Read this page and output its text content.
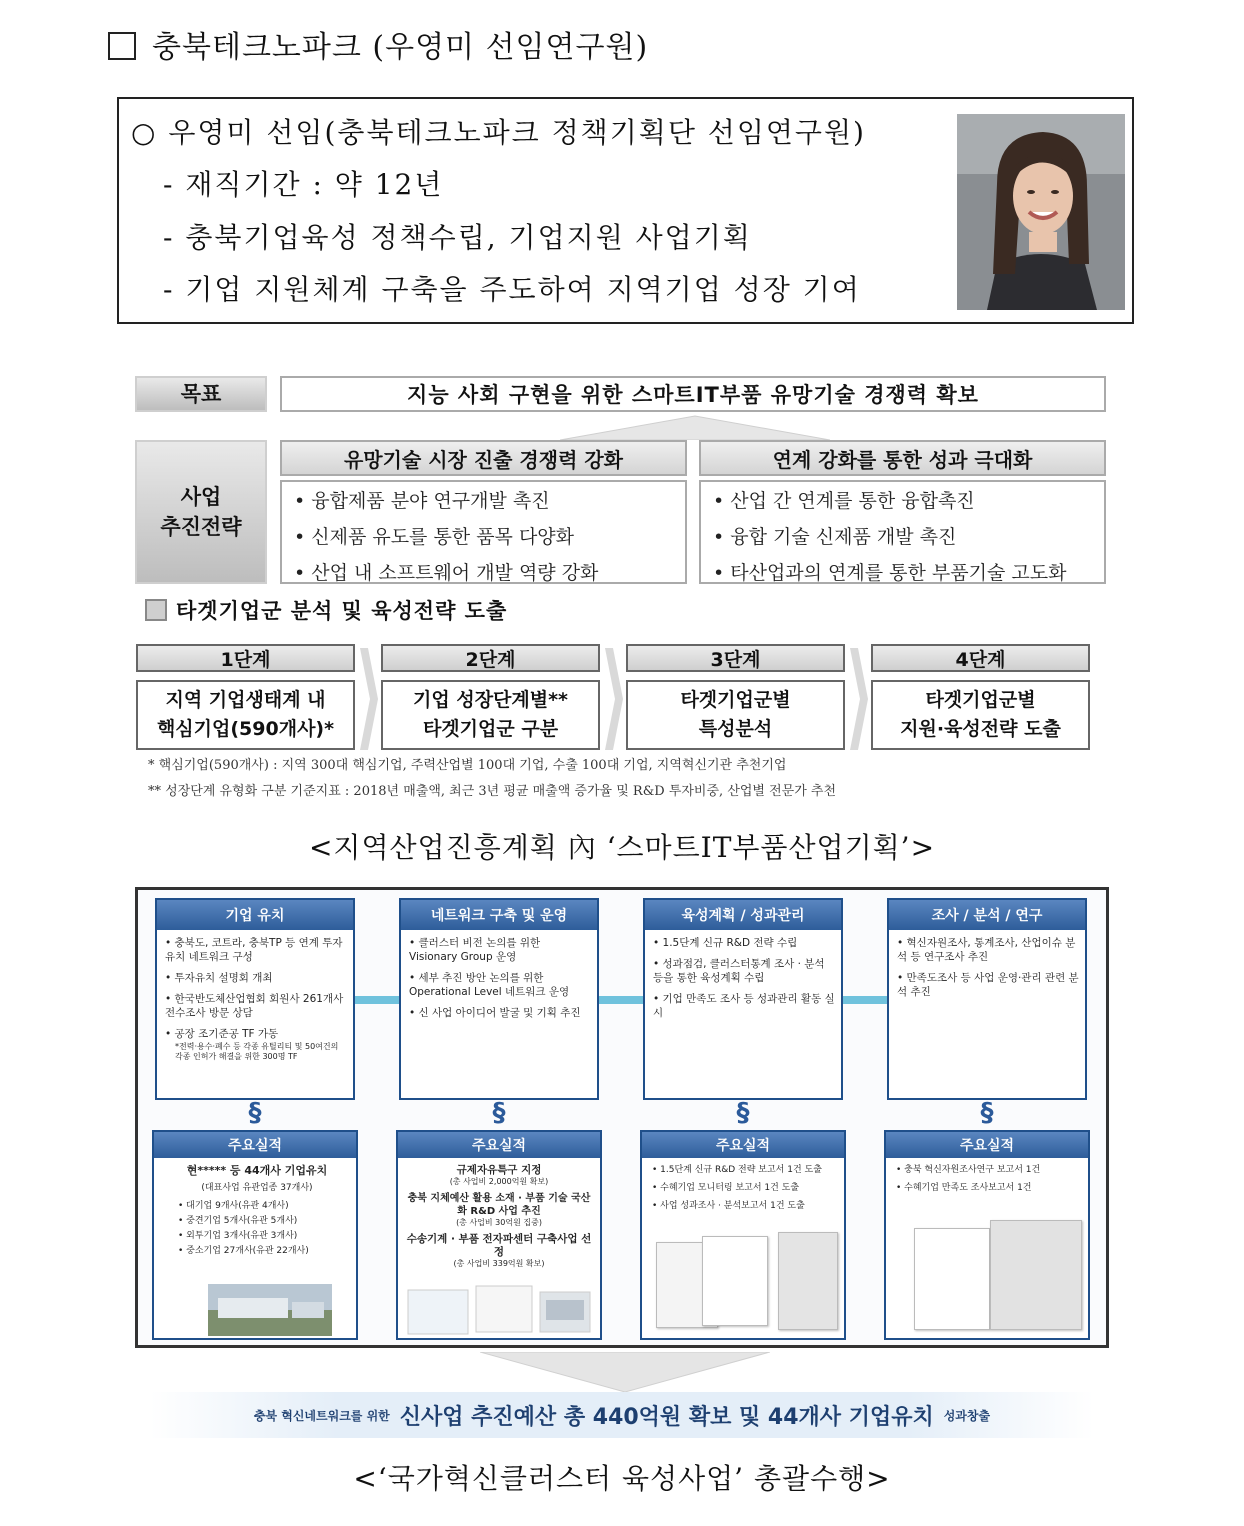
충북테크노파크 (우영미 선임연구원)
○ 우영미 선임(충북테크노파크 정책기획단 선임연구원)
- 재직기간 : 약 12년
- 충북기업육성 정책수립, 기업지원 사업기획
- 기업 지원체계 구축을 주도하여 지역기업 성장 기여
목표	지능 사회 구현을 위한 스마트IT부품 유망기술 경쟁력 확보
사업
추진전략
유망기술 시장 진출 경쟁력 강화
• 융합제품 분야 연구개발 촉진
• 신제품 유도를 통한 품목 다양화
• 산업 내 소프트웨어 개발 역량 강화
연계 강화를 통한 성과 극대화
• 산업 간 연계를 통한 융합촉진
• 융합 기술 신제품 개발 촉진
• 타산업과의 연계를 통한 부품기술 고도화
타겟기업군 분석 및 육성전략 도출
1단계
지역 기업생태계 내
핵심기업(590개사)*
2단계
기업 성장단계별**
타겟기업군 구분
3단계
타겟기업군별
특성분석
4단계
타겟기업군별
지원·육성전략 도출
* 핵심기업(590개사) : 지역 300대 핵심기업, 주력산업별 100대 기업, 수출 100대 기업, 지역혁신기관 추천기업
** 성장단계 유형화 구분 기준지표 : 2018년 매출액, 최근 3년 평균 매출액 증가율 및 R&D 투자비중, 산업별 전문가 추천
<지역산업진흥계획 內 ‘스마트IT부품산업기획’>
기업 유치
• 충북도, 코트라, 충북TP 등 연계 투자유치 네트워크 구성
• 투자유치 설명회 개최
• 한국반도체산업협회 회원사 261개사 전수조사 방문 상담
• 공장 조기준공 TF 가동
*전력·용수·폐수 등 각종 유틸리티 및 50여건의 각종 인허가 해결을 위한 300명 TF
네트워크 구축 및 운영
• 클러스터 비전 논의를 위한 Visionary Group 운영
• 세부 추진 방안 논의를 위한 Operational Level 네트워크 운영
• 신 사업 아이디어 발굴 및 기획 추진
육성계획 / 성과관리
• 1.5단계 신규 R&D 전략 수립
• 성과점검, 클러스터통계 조사 · 분석 등을 통한 육성계획 수립
• 기업 만족도 조사 등 성과관리 활동 실시
조사 / 분석 / 연구
• 혁신자원조사, 통계조사, 산업이슈 분석 등 연구조사 추진
• 만족도조사 등 사업 운영·관리 관련 분석 추진
§	§	§	§
주요실적
현***** 등 44개사 기업유치
(대표사업 유관업종 37개사)
• 대기업 9개사(유관 4개사)
• 중견기업 5개사(유관 5개사)
• 외투기업 3개사(유관 3개사)
• 중소기업 27개사(유관 22개사)
주요실적
규제자유특구 지정
(총 사업비 2,000억원 확보)
충북 지체예산 활용 소재 · 부품 기술 국산화 R&D 사업 추진
(총 사업비 30억원 집중)
수송기계 · 부품 전자파센터 구축사업 선정
(총 사업비 339억원 확보)
주요실적
• 1.5단계 신규 R&D 전략 보고서 1건 도출
• 수혜기업 모니터링 보고서 1건 도출
• 사업 성과조사 · 분석보고서 1건 도출
주요실적
• 충북 혁신자원조사연구 보고서 1건
• 수혜기업 만족도 조사보고서 1건
충북 혁신네트워크를 위한 신사업 추진예산 총 440억원 확보 및 44개사 기업유치 성과창출
<‘국가혁신클러스터 육성사업’ 총괄수행>
